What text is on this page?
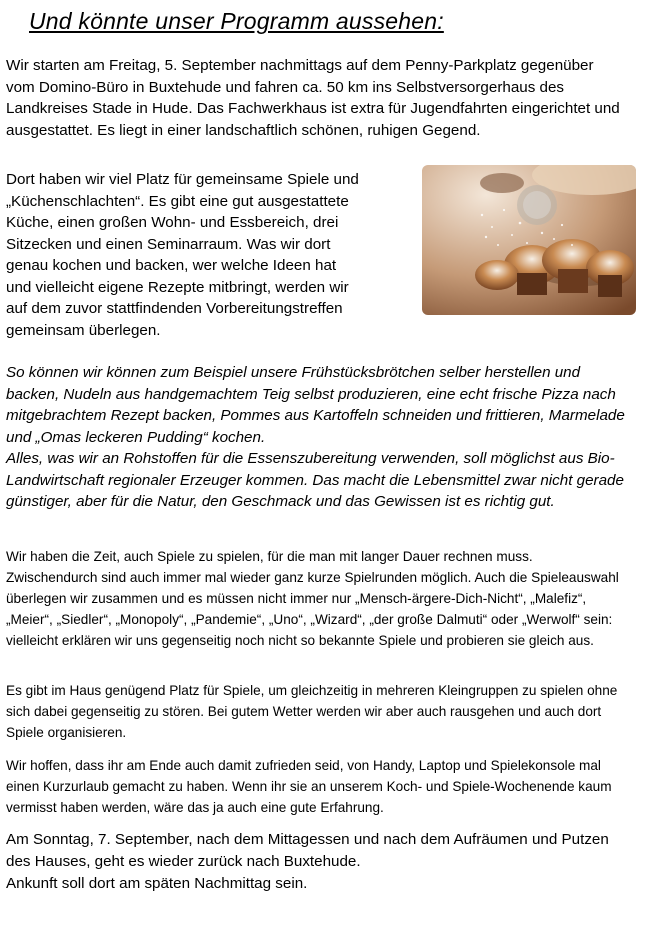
Und könnte unser Programm aussehen:

Wir starten am Freitag, 5. September nachmittags auf dem Penny-Parkplatz gegenüber vom Domino-Büro in Buxtehude und fahren ca. 50 km ins Selbstversorgerhaus des Landkreises Stade in Hude. Das Fachwerkhaus ist extra für Jugendfahrten eingerichtet und ausgestattet. Es liegt in einer landschaftlich schönen, ruhigen Gegend.

Dort haben wir viel Platz für gemeinsame Spiele und „Küchenschlachten“. Es gibt eine gut ausgestattete Küche, einen großen Wohn- und Essbereich, drei Sitzecken und einen Seminarraum. Was wir dort genau kochen und backen, wer welche Ideen hat und vielleicht eigene Rezepte mitbringt, werden wir auf dem zuvor stattfindenden Vorbereitungstreffen gemeinsam überlegen.

So können wir können zum Beispiel unsere Frühstücksbrötchen selber herstellen und backen, Nudeln aus handgemachtem Teig selbst produzieren, eine echt frische Pizza nach mitgebrachtem Rezept backen, Pommes aus Kartoffeln schneiden und frittieren, Marmelade und „Omas leckeren Pudding“ kochen.

Alles, was wir an Rohstoffen für die Essenszubereitung verwenden, soll möglichst aus Bio-Landwirtschaft regionaler Erzeuger kommen. Das macht die Lebensmittel zwar nicht gerade günstiger, aber für die Natur, den Geschmack und das Gewissen ist es richtig gut.

Wir haben die Zeit, auch Spiele zu spielen, für die man mit langer Dauer rechnen muss. Zwischendurch sind auch immer mal wieder ganz kurze Spielrunden möglich. Auch die Spieleauswahl überlegen wir zusammen und es müssen nicht immer nur „Mensch-ärgere-Dich-Nicht“, „Malefiz“, „Meier“, „Siedler“, „Monopoly“, „Pandemie“, „Uno“, „Wizard“, „der große Dalmuti“ oder „Werwolf“ sein: vielleicht erklären wir uns gegenseitig noch nicht so bekannte Spiele und probieren sie gleich aus.

Es gibt im Haus genügend Platz für Spiele, um gleichzeitig in mehreren Kleingruppen zu spielen ohne sich dabei gegenseitig zu stören. Bei gutem Wetter werden wir aber auch rausgehen und auch dort Spiele organisieren.

Wir hoffen, dass ihr am Ende auch damit zufrieden seid, von Handy, Laptop und Spielekonsole mal einen Kurzurlaub gemacht zu haben. Wenn ihr sie an unserem Koch- und Spiele-Wochenende kaum vermisst haben werden, wäre das ja auch eine gute Erfahrung.

Am Sonntag, 7. September, nach dem Mittagessen und nach dem Aufräumen und Putzen des Hauses, geht es wieder zurück nach Buxtehude.

Ankunft soll dort am späten Nachmittag sein.
